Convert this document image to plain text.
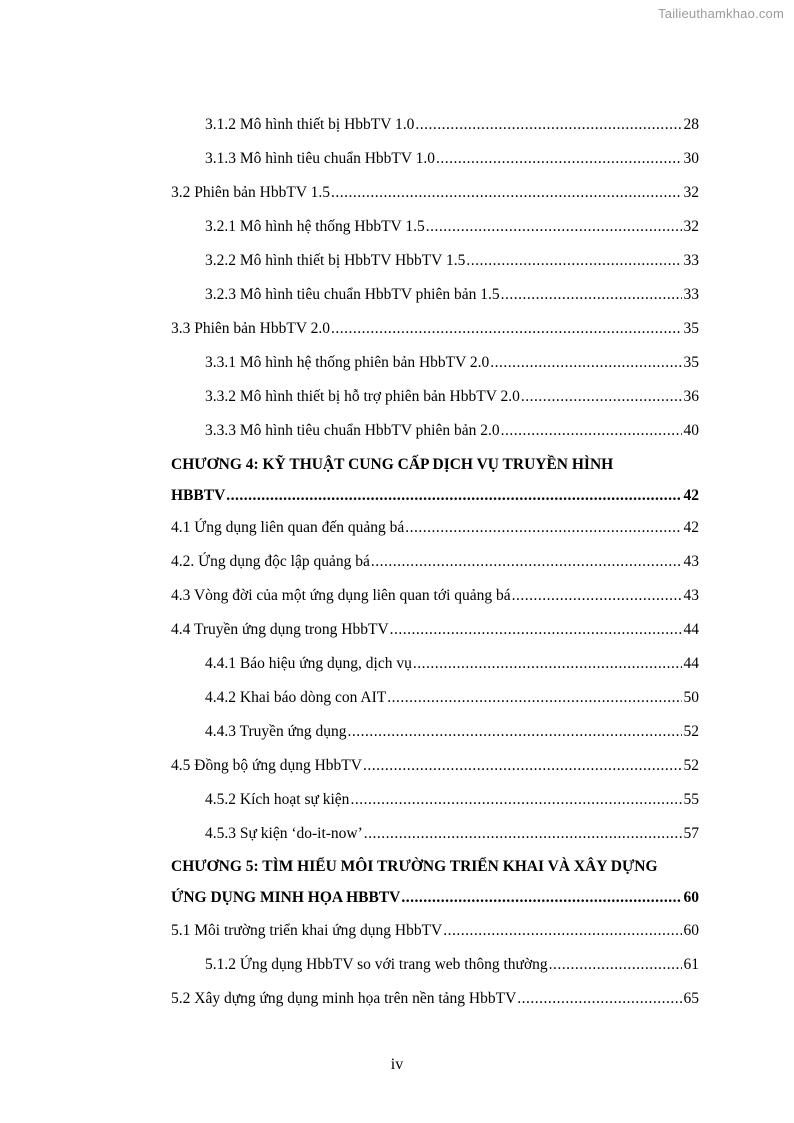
Tailieuthamkhao.com
3.1.2 Mô hình thiết bị HbbTV 1.0 .....	28
3.1.3 Mô hình tiêu chuẩn HbbTV 1.0 .....	30
3.2 Phiên bản HbbTV 1.5 .....	32
3.2.1 Mô hình hệ thống HbbTV 1.5 .....	32
3.2.2 Mô hình thiết bị HbbTV HbbTV 1.5 .....	33
3.2.3 Mô hình tiêu chuẩn HbbTV phiên bản 1.5 .....	33
3.3 Phiên bản HbbTV 2.0 .....	35
3.3.1 Mô hình hệ thống phiên bản HbbTV 2.0 .....	35
3.3.2 Mô hình thiết bị hỗ trợ phiên bản HbbTV 2.0 .....	36
3.3.3 Mô hình tiêu chuẩn HbbTV phiên bản 2.0 .....	40
CHƯƠNG 4: KỸ THUẬT CUNG CẤP DỊCH VỤ TRUYỀN HÌNH
HBBTV .....	42
4.1 Ứng dụng liên quan đến quảng bá .....	42
4.2. Ứng dụng độc lập quảng bá .....	43
4.3 Vòng đời của một ứng dụng liên quan tới quảng bá .....	43
4.4 Truyền ứng dụng trong HbbTV .....	44
4.4.1 Báo hiệu ứng dụng, dịch vụ .....	44
4.4.2 Khai báo dòng con AIT .....	50
4.4.3 Truyền ứng dụng .....	52
4.5 Đồng bộ ứng dụng HbbTV .....	52
4.5.2 Kích hoạt sự kiện .....	55
4.5.3 Sự kiện ‘do-it-now’ .....	57
CHƯƠNG 5: TÌM HIỂU MÔI TRƯỜNG TRIỂN KHAI VÀ XÂY DỰNG
ỨNG DỤNG MINH HỌA HBBTV .....	60
5.1 Môi trường triển khai ứng dụng HbbTV .....	60
5.1.2 Ứng dụng HbbTV so với trang web thông thường .....	61
5.2 Xây dựng ứng dụng minh họa trên nền tảng HbbTV .....	65
iv
